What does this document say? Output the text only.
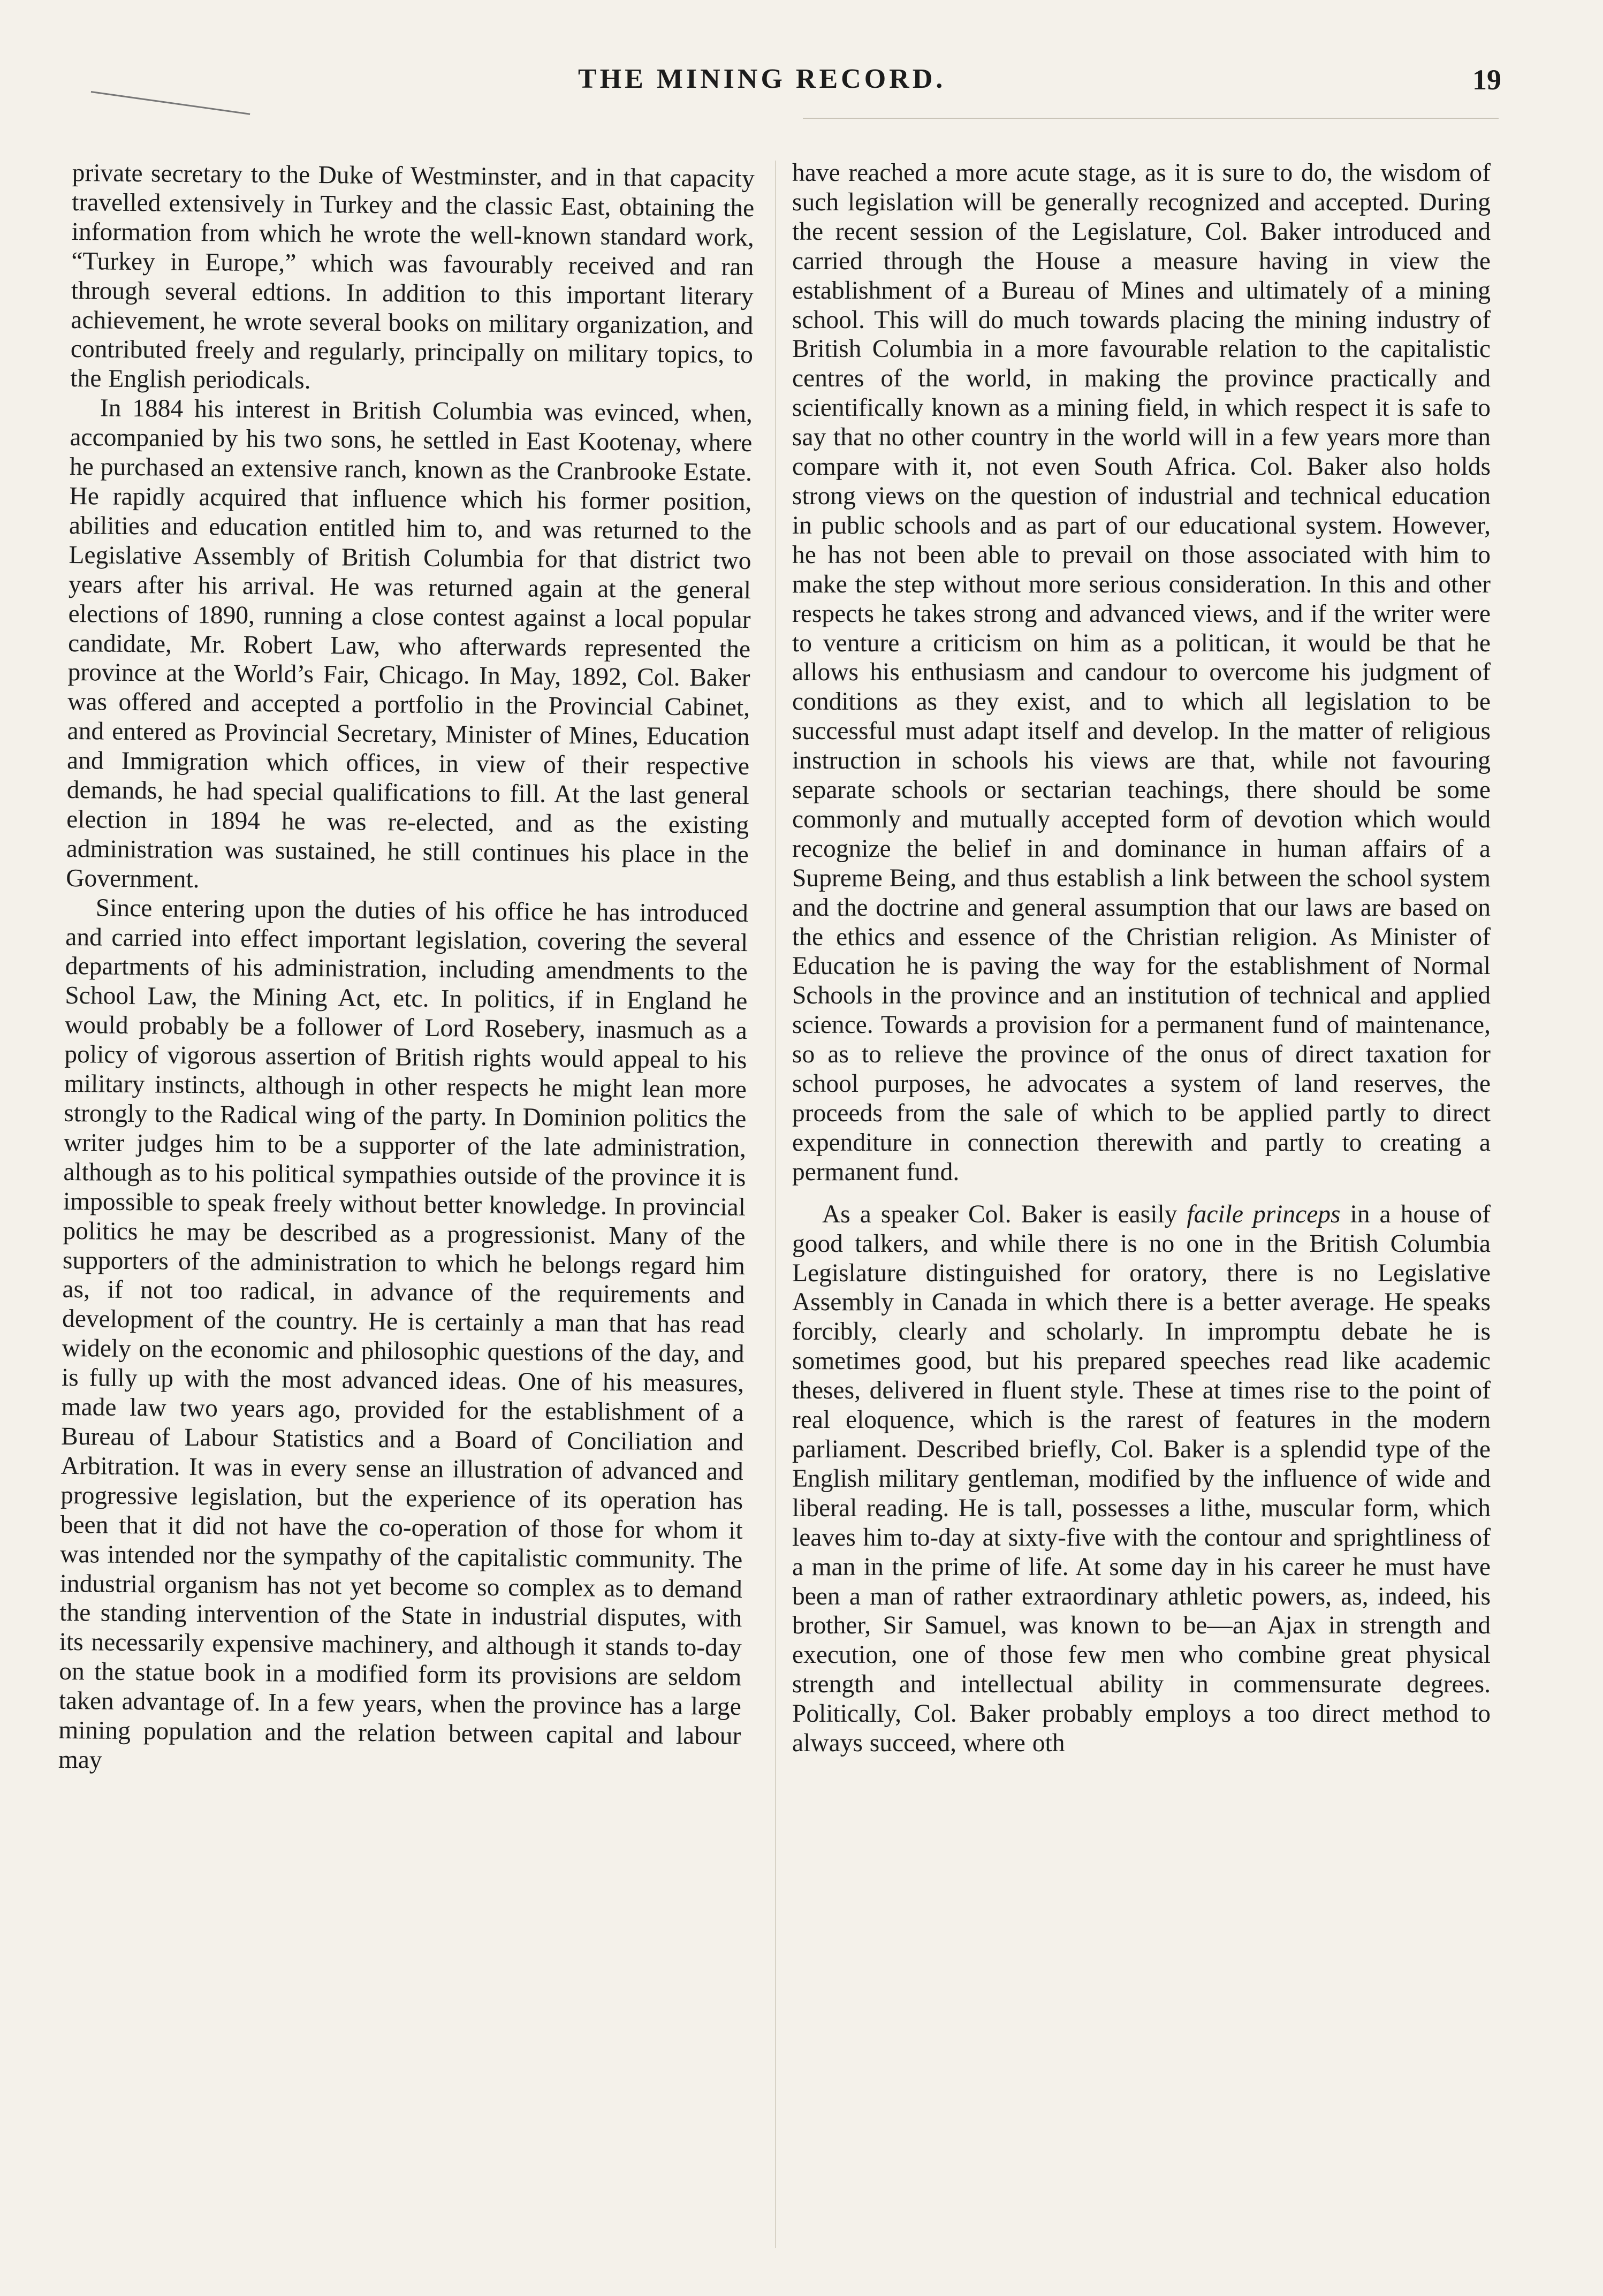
THE MINING RECORD.	19

private secretary to the Duke of Westminster, and in that capacity travelled extensively in Turkey and the classic East, obtaining the information from which he wrote the well-known standard work, “Turkey in Europe,” which was favourably received and ran through several edtions. In addition to this important literary achievement, he wrote several books on military organization, and contributed freely and regularly, principally on military topics, to the English periodicals.

In 1884 his interest in British Columbia was evinced, when, accompanied by his two sons, he settled in East Kootenay, where he purchased an extensive ranch, known as the Cranbrooke Estate. He rapidly acquired that influence which his former position, abilities and education entitled him to, and was returned to the Legislative Assembly of British Columbia for that district two years after his arrival. He was returned again at the general elections of 1890, running a close contest against a local popular candidate, Mr. Robert Law, who afterwards represented the province at the World’s Fair, Chicago. In May, 1892, Col. Baker was offered and accepted a portfolio in the Provincial Cabinet, and entered as Provincial Secretary, Minister of Mines, Education and Immigration which offices, in view of their respective demands, he had special qualifications to fill. At the last general election in 1894 he was re-elected, and as the existing administration was sustained, he still continues his place in the Government.

Since entering upon the duties of his office he has introduced and carried into effect important legislation, covering the several departments of his administration, including amendments to the School Law, the Mining Act, etc. In politics, if in England he would probably be a follower of Lord Rosebery, inasmuch as a policy of vigorous assertion of British rights would appeal to his military instincts, although in other respects he might lean more strongly to the Radical wing of the party. In Dominion politics the writer judges him to be a supporter of the late administration, although as to his political sympathies outside of the province it is impossible to speak freely without better knowledge. In provincial politics he may be described as a progressionist. Many of the supporters of the administration to which he belongs regard him as, if not too radical, in advance of the requirements and development of the country. He is certainly a man that has read widely on the economic and philosophic questions of the day, and is fully up with the most advanced ideas. One of his measures, made law two years ago, provided for the establishment of a Bureau of Labour Statistics and a Board of Conciliation and Arbitration. It was in every sense an illustration of advanced and progressive legislation, but the experience of its operation has been that it did not have the co-operation of those for whom it was intended nor the sympathy of the capitalistic community. The industrial organism has not yet become so complex as to demand the standing intervention of the State in industrial disputes, with its necessarily expensive machinery, and although it stands to-day on the statue book in a modified form its provisions are seldom taken advantage of. In a few years, when the province has a large mining population and the relation between capital and labour may

have reached a more acute stage, as it is sure to do, the wisdom of such legislation will be generally recognized and accepted. During the recent session of the Legislature, Col. Baker introduced and carried through the House a measure having in view the establishment of a Bureau of Mines and ultimately of a mining school. This will do much towards placing the mining industry of British Columbia in a more favourable relation to the capitalistic centres of the world, in making the province practically and scientifically known as a mining field, in which respect it is safe to say that no other country in the world will in a few years more than compare with it, not even South Africa. Col. Baker also holds strong views on the question of industrial and technical education in public schools and as part of our educational system. However, he has not been able to prevail on those associated with him to make the step without more serious consideration. In this and other respects he takes strong and advanced views, and if the writer were to venture a criticism on him as a politican, it would be that he allows his enthusiasm and candour to overcome his judgment of conditions as they exist, and to which all legislation to be successful must adapt itself and develop. In the matter of religious instruction in schools his views are that, while not favouring separate schools or sectarian teachings, there should be some commonly and mutually accepted form of devotion which would recognize the belief in and dominance in human affairs of a Supreme Being, and thus establish a link between the school system and the doctrine and general assumption that our laws are based on the ethics and essence of the Christian religion. As Minister of Education he is paving the way for the establishment of Normal Schools in the province and an institution of technical and applied science. Towards a provision for a permanent fund of maintenance, so as to relieve the province of the onus of direct taxation for school purposes, he advocates a system of land reserves, the proceeds from the sale of which to be applied partly to direct expenditure in connection therewith and partly to creating a permanent fund.

As a speaker Col. Baker is easily facile princeps in a house of good talkers, and while there is no one in the British Columbia Legislature distinguished for oratory, there is no Legislative Assembly in Canada in which there is a better average. He speaks forcibly, clearly and scholarly. In impromptu debate he is sometimes good, but his prepared speeches read like academic theses, delivered in fluent style. These at times rise to the point of real eloquence, which is the rarest of features in the modern parliament. Described briefly, Col. Baker is a splendid type of the English military gentleman, modified by the influence of wide and liberal reading. He is tall, possesses a lithe, muscular form, which leaves him to-day at sixty-five with the contour and sprightliness of a man in the prime of life. At some day in his career he must have been a man of rather extraordinary athletic powers, as, indeed, his brother, Sir Samuel, was known to be—an Ajax in strength and execution, one of those few men who combine great physical strength and intellectual ability in commensurate degrees. Politically, Col. Baker probably employs a too direct method to always succeed, where oth
